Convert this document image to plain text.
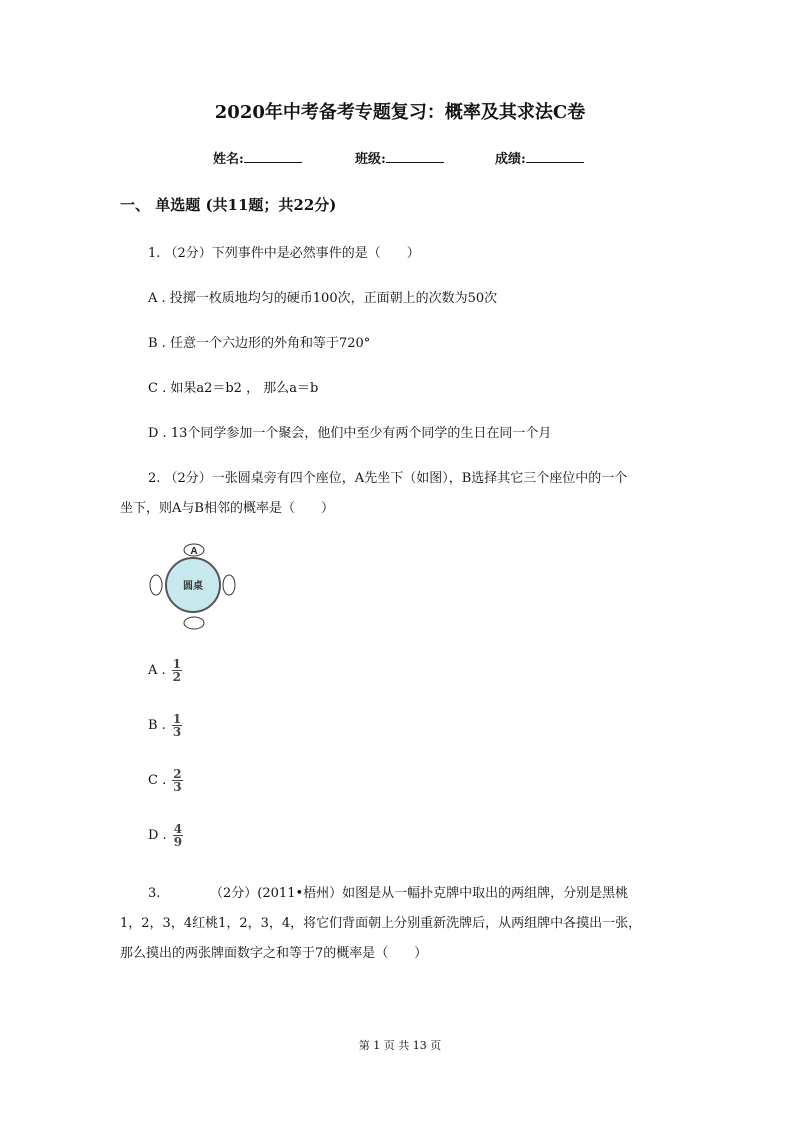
2020年中考备考专题复习：概率及其求法C卷
姓名:	班级:	成绩:
一、 单选题 (共11题；共22分)
1. （2分）下列事件中是必然事件的是（　　）
A . 投掷一枚质地均匀的硬币100次，正面朝上的次数为50次
B . 任意一个六边形的外角和等于720°
C . 如果a2＝b2 ， 那么a＝b
D . 13个同学参加一个聚会，他们中至少有两个同学的生日在同一个月
2. （2分）一张圆桌旁有四个座位，A先坐下（如图），B选择其它三个座位中的一个
坐下，则A与B相邻的概率是（　　）
A
圆桌
A . $\frac{1}{2}$
B . $\frac{1}{3}$
C . $\frac{2}{3}$
D . $\frac{4}{9}$
3. 　　　　（2分）(2011•梧州）如图是从一幅扑克牌中取出的两组牌，分别是黑桃
1，2，3，4红桃1，2，3，4，将它们背面朝上分别重新洗牌后，从两组牌中各摸出一张，
那么摸出的两张牌面数字之和等于7的概率是（　　）
第 1 页 共 13 页
